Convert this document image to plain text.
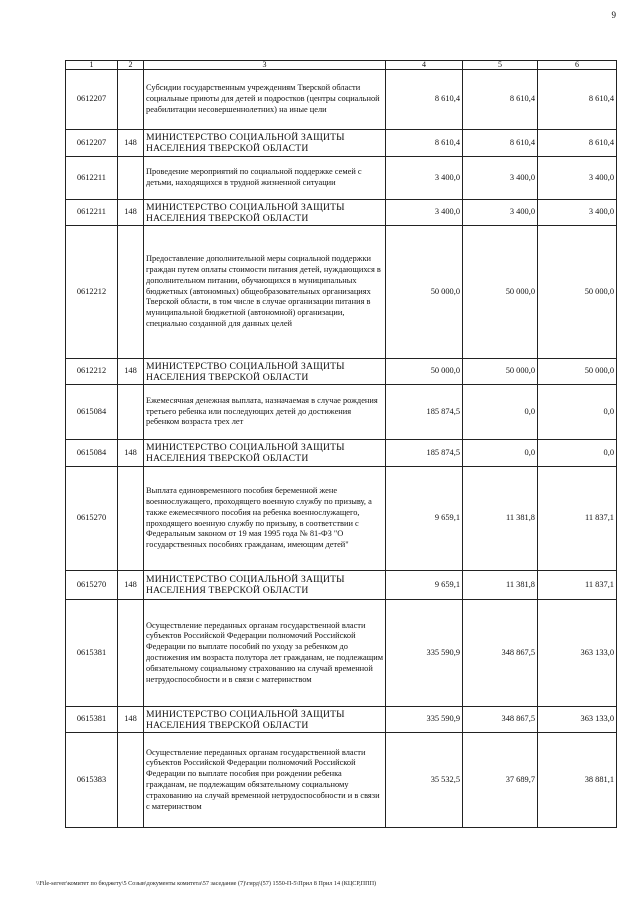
9
1	2	3	4	5	6
0612207		Субсидии государственным учреждениям Тверской области социальные приюты для детей и подростков (центры социальной реабилитации несовершеннолетних) на иные цели	8 610,4	8 610,4	8 610,4
0612207	148	МИНИСТЕРСТВО СОЦИАЛЬНОЙ ЗАЩИТЫ НАСЕЛЕНИЯ ТВЕРСКОЙ ОБЛАСТИ	8 610,4	8 610,4	8 610,4
0612211		Проведение мероприятий по социальной поддержке семей с детьми, находящихся в трудной жизненной ситуации	3 400,0	3 400,0	3 400,0
0612211	148	МИНИСТЕРСТВО СОЦИАЛЬНОЙ ЗАЩИТЫ НАСЕЛЕНИЯ ТВЕРСКОЙ ОБЛАСТИ	3 400,0	3 400,0	3 400,0
0612212		Предоставление дополнительной меры социальной поддержки граждан путем оплаты стоимости питания детей, нуждающихся в дополнительном питании, обучающихся в муниципальных бюджетных (автономных) общеобразовательных организациях Тверской области, в том числе в случае организации питания в муниципальной бюджетной (автономной) организации, специально созданной для данных целей	50 000,0	50 000,0	50 000,0
0612212	148	МИНИСТЕРСТВО СОЦИАЛЬНОЙ ЗАЩИТЫ НАСЕЛЕНИЯ ТВЕРСКОЙ ОБЛАСТИ	50 000,0	50 000,0	50 000,0
0615084		Ежемесячная денежная выплата, назначаемая в случае рождения третьего ребенка или последующих детей до достижения ребенком возраста трех лет	185 874,5	0,0	0,0
0615084	148	МИНИСТЕРСТВО СОЦИАЛЬНОЙ ЗАЩИТЫ НАСЕЛЕНИЯ ТВЕРСКОЙ ОБЛАСТИ	185 874,5	0,0	0,0
0615270		Выплата единовременного пособия беременной жене военнослужащего, проходящего военную службу по призыву, а также ежемесячного пособия на ребенка военнослужащего, проходящего военную службу по призыву, в соответствии с Федеральным законом от 19 мая 1995 года № 81-ФЗ "О государственных пособиях гражданам, имеющим детей"	9 659,1	11 381,8	11 837,1
0615270	148	МИНИСТЕРСТВО СОЦИАЛЬНОЙ ЗАЩИТЫ НАСЕЛЕНИЯ ТВЕРСКОЙ ОБЛАСТИ	9 659,1	11 381,8	11 837,1
0615381		Осуществление переданных органам государственной власти субъектов Российской Федерации полномочий Российской Федерации по выплате пособий по уходу за ребенком до достижения им возраста полутора лет гражданам, не подлежащим обязательному социальному страхованию на случай временной нетрудоспособности и в связи с материнством	335 590,9	348 867,5	363 133,0
0615381	148	МИНИСТЕРСТВО СОЦИАЛЬНОЙ ЗАЩИТЫ НАСЕЛЕНИЯ ТВЕРСКОЙ ОБЛАСТИ	335 590,9	348 867,5	363 133,0
0615383		Осуществление переданных органам государственной власти субъектов Российской Федерации полномочий Российской Федерации по выплате пособия при рождении ребенка гражданам, не подлежащим обязательному социальному страхованию на случай временной нетрудоспособности и в связи с материнством	35 532,5	37 689,7	38 881,1
\\File-server\комитет по бюджету\5 Созыв\документы комитета\57 заседание (7)\гирд\(57) 1550-П-5\Прил 8 Прил 14 (КЦСР,ППП)
